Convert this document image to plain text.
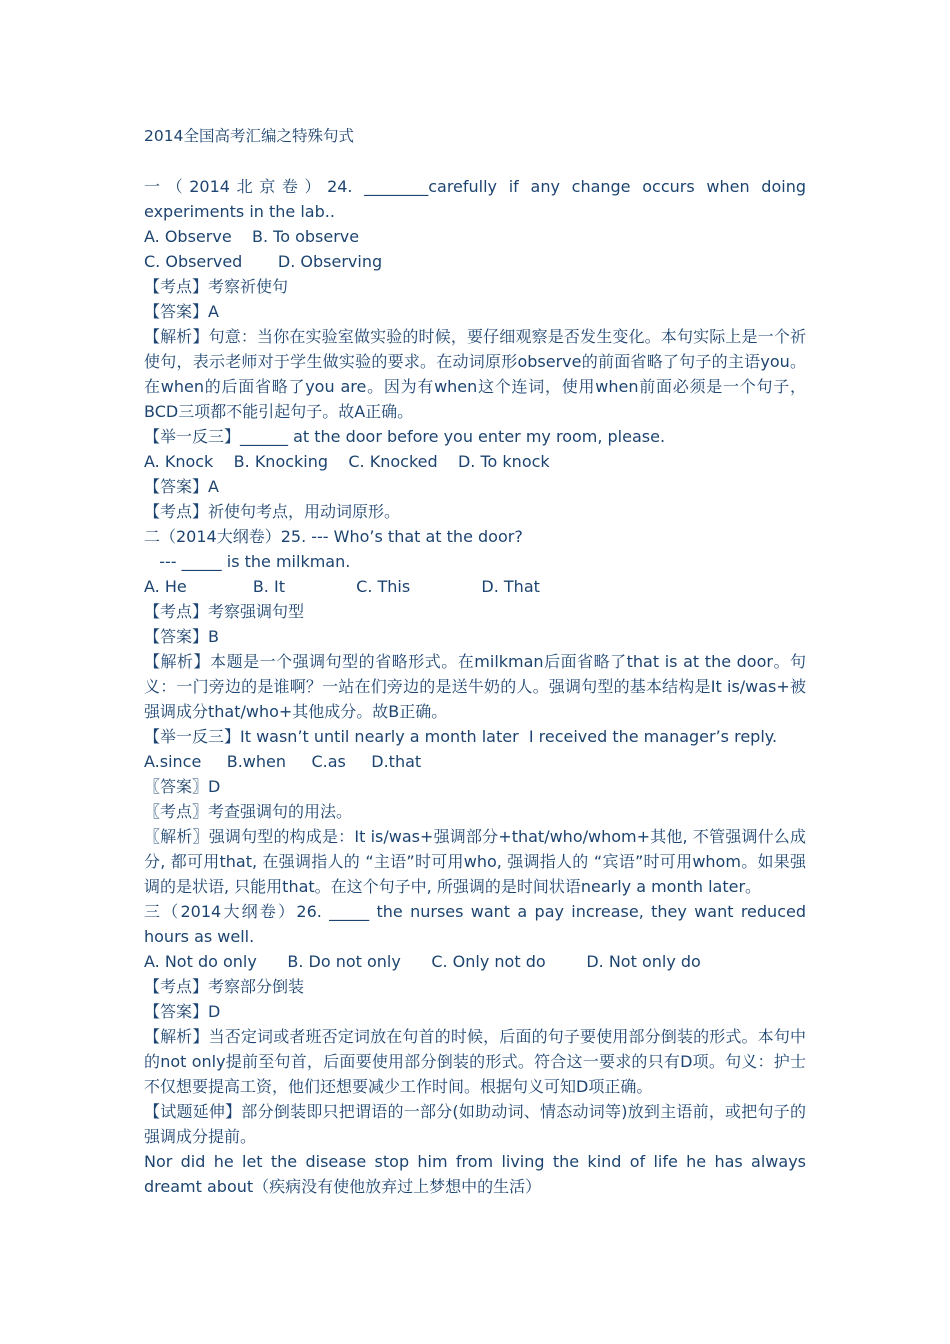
2014全国高考汇编之特殊句式

一（2014北京卷）24. ________carefully if any change occurs when doing experiments in the lab..

A. Observe    B. To observe

C. Observed       D. Observing

【考点】考察祈使句

【答案】A

【解析】句意：当你在实验室做实验的时候，要仔细观察是否发生变化。本句实际上是一个祈使句，表示老师对于学生做实验的要求。在动词原形observe的前面省略了句子的主语you。在when的后面省略了you are。因为有when这个连词，使用when前面必须是一个句子，BCD三项都不能引起句子。故A正确。

【举一反三】______ at the door before you enter my room, please.

A. Knock    B. Knocking    C. Knocked    D. To knock

【答案】A

【考点】祈使句考点，用动词原形。

二（2014大纲卷）25. --- Who’s that at the door?

--- _____ is the milkman.

A. He             B. It              C. This              D. That

【考点】考察强调句型

【答案】B

【解析】本题是一个强调句型的省略形式。在milkman后面省略了that is at the door。句义：一门旁边的是谁啊？一站在们旁边的是送牛奶的人。强调句型的基本结构是It is/was+被强调成分that/who+其他成分。故B正确。

【举一反三】It wasn’t until nearly a month later  I received the manager’s reply.

A.since     B.when     C.as     D.that

〖答案〗D

〖考点〗考查强调句的用法。

〖解析〗强调句型的构成是：It is/was+强调部分+that/who/whom+其他, 不管强调什么成分, 都可用that, 在强调指人的 “主语”时可用who, 强调指人的 “宾语”时可用whom。如果强调的是状语, 只能用that。在这个句子中, 所强调的是时间状语nearly a month later。

三（2014大纲卷）26. _____ the nurses want a pay increase, they want reduced hours as well.

A. Not do only      B. Do not only      C. Only not do        D. Not only do

【考点】考察部分倒装

【答案】D

【解析】当否定词或者班否定词放在句首的时候，后面的句子要使用部分倒装的形式。本句中的not only提前至句首，后面要使用部分倒装的形式。符合这一要求的只有D项。句义：护士不仅想要提高工资，他们还想要减少工作时间。根据句义可知D项正确。

【试题延伸】部分倒装即只把谓语的一部分(如助动词、情态动词等)放到主语前，或把句子的强调成分提前。

Nor did he let the disease stop him from living the kind of life he has always dreamt about（疾病没有使他放弃过上梦想中的生活）
